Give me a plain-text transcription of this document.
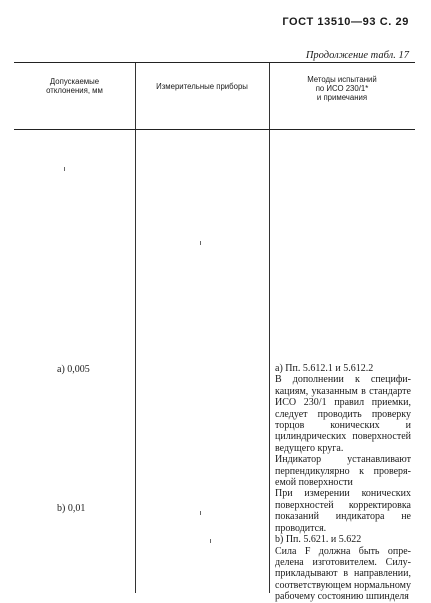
ГОСТ 13510—93 С. 29
Продолжение табл. 17
Допускаемые
отклонения, мм	Измерительные приборы
Методы испытаний
по ИСО 230/1*
и примечания
a) 0,005
b) 0,01

a) Пп. 5.612.1 и 5.612.2

В дополнении к спецификациям, указанным в стандарте ИСО 230/1 правил приемки, следует проводить проверку торцов конических и цилиндрических поверхностей ведущего круга.

Индикатор устанавливают перпендикулярно к проверяемой поверхности

При измерении конических поверхностей корректировка показаний индикатора не проводится.

b) Пп. 5.621. и 5.622

Сила F должна быть определена изготовителем. Силуприкладывают в направлении, соответствующем нормальному рабочему состоянию шпинделя
